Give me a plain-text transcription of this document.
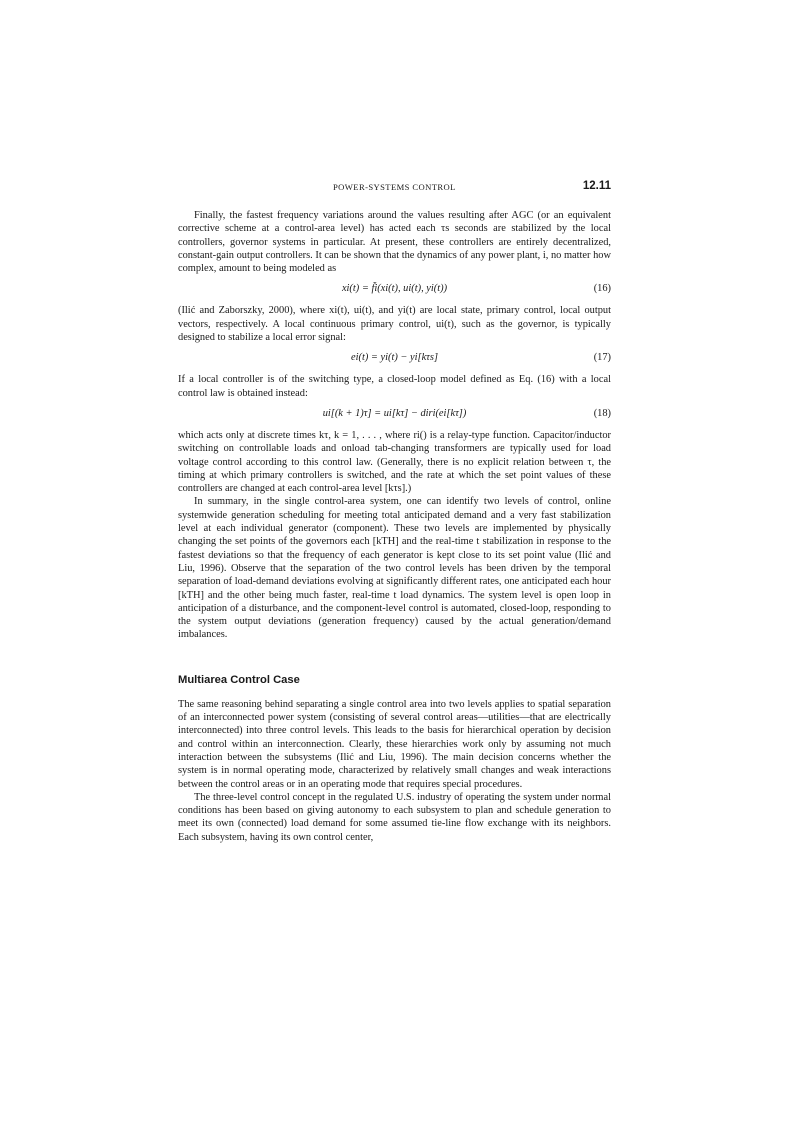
POWER-SYSTEMS CONTROL	12.11

Finally, the fastest frequency variations around the values resulting after AGC (or an equivalent corrective scheme at a control-area level) has acted each τs seconds are stabilized by the local controllers, governor systems in particular. At present, these controllers are entirely decentralized, constant-gain output controllers. It can be shown that the dynamics of any power plant, i, no matter how complex, amount to being modeled as

xi(t) = f̃i(xi(t), ui(t), yi(t))	(16)

(Ilić and Zaborszky, 2000), where xi(t), ui(t), and yi(t) are local state, primary control, local output vectors, respectively. A local continuous primary control, ui(t), such as the governor, is typically designed to stabilize a local error signal:

ei(t) = yi(t) − yi[kτs]	(17)

If a local controller is of the switching type, a closed-loop model defined as Eq. (16) with a local control law is obtained instead:

ui[(k + 1)τ] = ui[kτ] − diri(ei[kτ])	(18)

which acts only at discrete times kτ, k = 1, . . . , where ri() is a relay-type function. Capacitor/inductor switching on controllable loads and onload tab-changing transformers are typically used for load voltage control according to this control law. (Generally, there is no explicit relation between τ, the timing at which primary controllers is switched, and the rate at which the set point values of these controllers are changed at each control-area level [kτs].)

In summary, in the single control-area system, one can identify two levels of control, online systemwide generation scheduling for meeting total anticipated demand and a very fast stabilization level at each individual generator (component). These two levels are implemented by physically changing the set points of the governors each [kTH] and the real-time t stabilization in response to the fastest deviations so that the frequency of each generator is kept close to its set point value (Ilić and Liu, 1996). Observe that the separation of the two control levels has been driven by the temporal separation of load-demand deviations evolving at significantly different rates, one anticipated each hour [kTH] and the other being much faster, real-time t load dynamics. The system level is open loop in anticipation of a disturbance, and the component-level control is automated, closed-loop, responding to the system output deviations (generation frequency) caused by the actual generation/demand imbalances.

Multiarea Control Case

The same reasoning behind separating a single control area into two levels applies to spatial separation of an interconnected power system (consisting of several control areas—utilities—that are electrically interconnected) into three control levels. This leads to the basis for hierarchical operation by decision and control within an interconnection. Clearly, these hierarchies work only by assuming not much interaction between the subsystems (Ilić and Liu, 1996). The main decision concerns whether the system is in normal operating mode, characterized by relatively small changes and weak interactions between the control areas or in an operating mode that requires special procedures.

The three-level control concept in the regulated U.S. industry of operating the system under normal conditions has been based on giving autonomy to each subsystem to plan and schedule generation to meet its own (connected) load demand for some assumed tie-line flow exchange with its neighbors. Each subsystem, having its own control center,
